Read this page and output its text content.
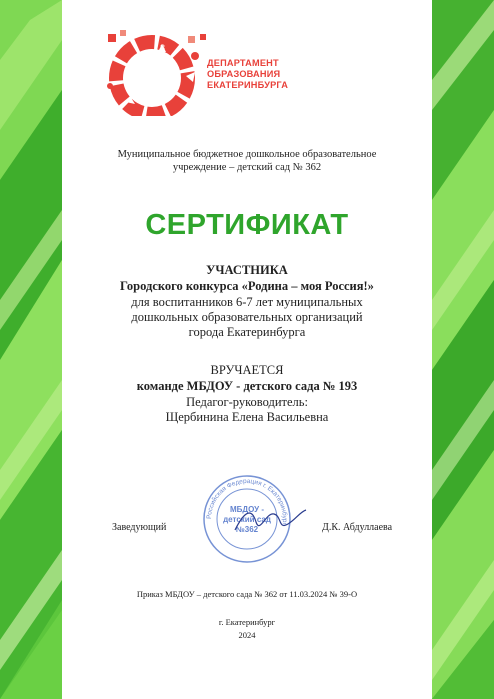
8
ДЕПАРТАМЕНТ
ОБРАЗОВАНИЯ
ЕКАТЕРИНБУРГА
Муниципальное бюджетное дошкольное образовательное
учреждение – детский сад № 362
СЕРТИФИКАТ
УЧАСТНИКА
Городского конкурса «Родина – моя Россия!»
для воспитанников 6-7 лет муниципальных
дошкольных образовательных организаций
города Екатеринбурга
ВРУЧАЕТСЯ
команде МБДОУ - детского сада № 193
Педагог-руководитель:
Щербинина Елена Васильевна
Российская Федерация г. Екатеринбург
МБДОУ -
детский сад
№362
Заведующий	Д.К. Абдуллаева
Приказ МБДОУ – детского сада № 362 от 11.03.2024 № 39-О
г. Екатеринбург
2024
